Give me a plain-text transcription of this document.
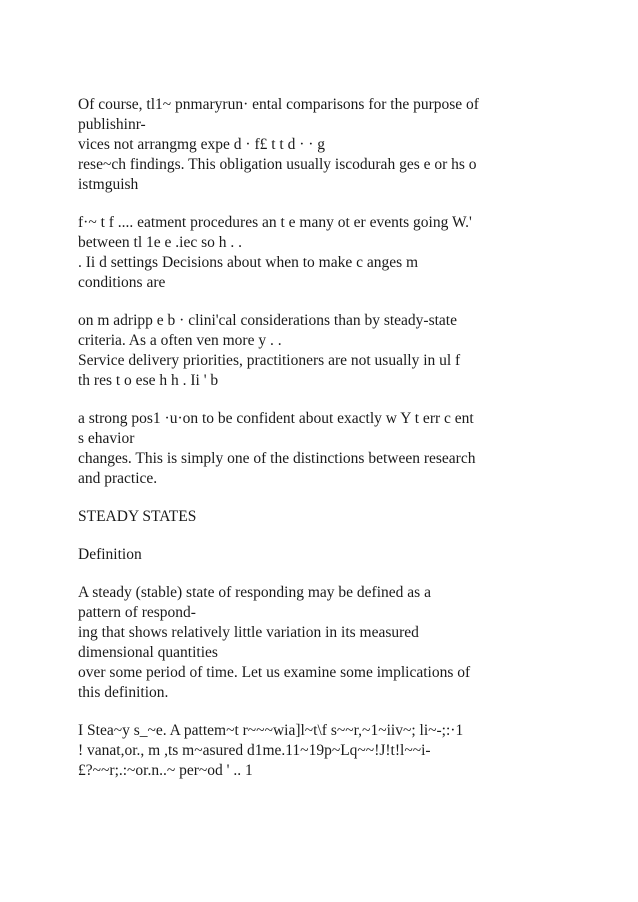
Of course, tl1~ pnmaryrun· ental comparisons for the purpose of
publishinr-
vices not arrangmg expe d · f£ t t d · · g
rese~ch findings. This obligation usually iscodurah ges e or hs o
istmguish
f·~ t f .... eatment procedures an t e many ot er events going W.'
between tl 1e e .iec so h . .
. Ii d settings Decisions about when to make c anges m
conditions are
on m adripp e b · clini'cal considerations than by steady-state
criteria. As a often ven more y . .
Service delivery priorities, practitioners are not usually in ul f
th res t o ese h h . Ii ' b
a strong pos1 ·u·on to be confident about exactly w Y t err c ent
s ehavior
changes. This is simply one of the distinctions between research
and practice.
STEADY STATES
Definition
A steady (stable) state of responding may be defined as a
pattern of respond-
ing that shows relatively little variation in its measured
dimensional quantities
over some period of time. Let us examine some implications of
this definition.
I Stea~y s_~e. A pattem~t r~~~wia]l~t\f s~~r,~1~iiv~; li~-;:·1
! vanat,or., m ,ts m~asured d1me.11~19p~Lq~~!J!t!l~~i-
£?~~r;.:~or.n..~ per~od ' .. 1
